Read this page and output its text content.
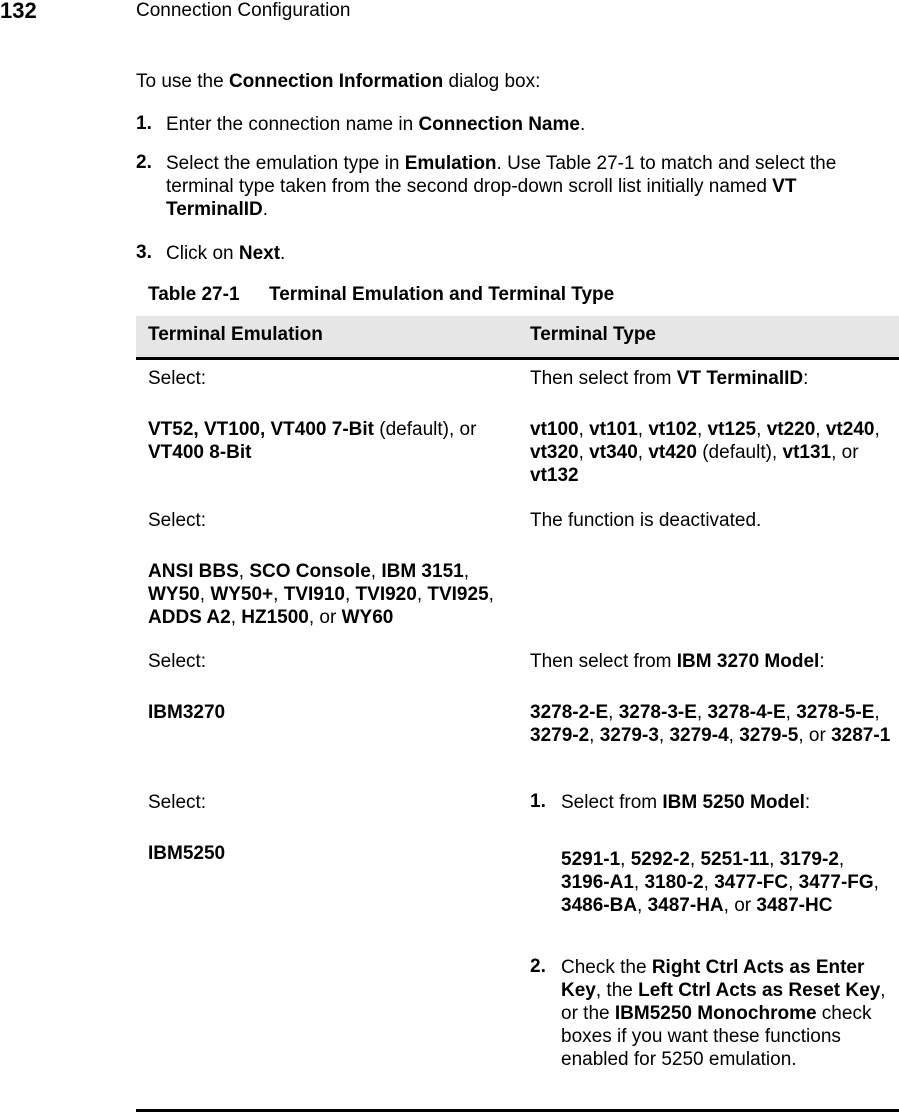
132	Connection Configuration
To use the Connection Information dialog box:
1. Enter the connection name in Connection Name.
2. Select the emulation type in Emulation. Use Table 27-1 to match and select the terminal type taken from the second drop-down scroll list initially named VT TerminalID.
3. Click on Next.
Table 27-1 Terminal Emulation and Terminal Type
Terminal Emulation	Terminal Type
Select:
VT52, VT100, VT400 7-Bit (default), or VT400 8-Bit
Then select from VT TerminalID:
vt100, vt101, vt102, vt125, vt220, vt240, vt320, vt340, vt420 (default), vt131, or vt132
Select:
ANSI BBS, SCO Console, IBM 3151, WY50, WY50+, TVI910, TVI920, TVI925, ADDS A2, HZ1500, or WY60
The function is deactivated.
Select:
IBM3270
Then select from IBM 3270 Model:
3278-2-E, 3278-3-E, 3278-4-E, 3278-5-E, 3279-2, 3279-3, 3279-4, 3279-5, or 3287-1
Select:
IBM5250
1. Select from IBM 5250 Model:
5291-1, 5292-2, 5251-11, 3179-2, 3196-A1, 3180-2, 3477-FC, 3477-FG, 3486-BA, 3487-HA, or 3487-HC
2. Check the Right Ctrl Acts as Enter Key, the Left Ctrl Acts as Reset Key, or the IBM5250 Monochrome check boxes if you want these functions enabled for 5250 emulation.
